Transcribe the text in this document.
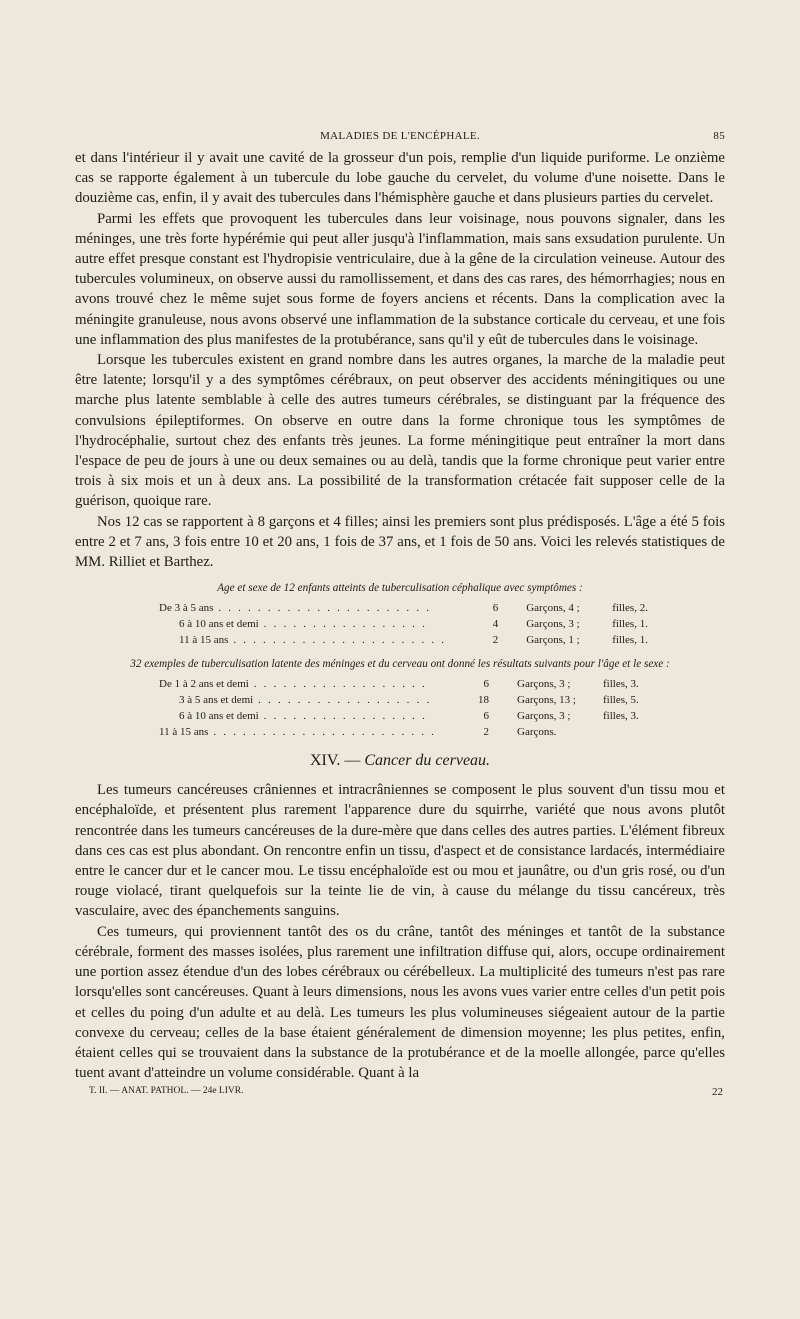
MALADIES DE L'ENCÉPHALE.	85

et dans l'intérieur il y avait une cavité de la grosseur d'un pois, remplie d'un liquide puriforme. Le onzième cas se rapporte également à un tubercule du lobe gauche du cervelet, du volume d'une noisette. Dans le douzième cas, enfin, il y avait des tubercules dans l'hémisphère gauche et dans plusieurs parties du cervelet.

Parmi les effets que provoquent les tubercules dans leur voisinage, nous pouvons signaler, dans les méninges, une très forte hypérémie qui peut aller jusqu'à l'inflammation, mais sans exsudation purulente. Un autre effet presque constant est l'hydropisie ventriculaire, due à la gêne de la circulation veineuse. Autour des tubercules volumineux, on observe aussi du ramollissement, et dans des cas rares, des hémorrhagies; nous en avons trouvé chez le même sujet sous forme de foyers anciens et récents. Dans la complication avec la méningite granuleuse, nous avons observé une inflammation de la substance corticale du cerveau, et une fois une inflammation des plus manifestes de la protubérance, sans qu'il y eût de tubercules dans le voisinage.

Lorsque les tubercules existent en grand nombre dans les autres organes, la marche de la maladie peut être latente; lorsqu'il y a des symptômes cérébraux, on peut observer des accidents méningitiques ou une marche plus latente semblable à celle des autres tumeurs cérébrales, se distinguant par la fréquence des convulsions épileptiformes. On observe en outre dans la forme chronique tous les symptômes de l'hydrocéphalie, surtout chez des enfants très jeunes. La forme méningitique peut entraîner la mort dans l'espace de peu de jours à une ou deux semaines ou au delà, tandis que la forme chronique peut varier entre trois à six mois et un à deux ans. La possibilité de la transformation crétacée fait supposer celle de la guérison, quoique rare.

Nos 12 cas se rapportent à 8 garçons et 4 filles; ainsi les premiers sont plus prédisposés. L'âge a été 5 fois entre 2 et 7 ans, 3 fois entre 10 et 20 ans, 1 fois de 37 ans, et 1 fois de 50 ans. Voici les relevés statistiques de MM. Rilliet et Barthez.

Age et sexe de 12 enfants atteints de tuberculisation céphalique avec symptômes :
De 3 à 5 ans . . . . . . . . . . . . . . . . . . . . . .	6	Garçons, 4 ;	filles, 2.
6 à 10 ans et demi . . . . . . . . . . . . . . . . .	4	Garçons, 3 ;	filles, 1.
11 à 15 ans . . . . . . . . . . . . . . . . . . . . . .	2	Garçons, 1 ;	filles, 1.
32 exemples de tuberculisation latente des méninges et du cerveau ont donné les résultats suivants pour l'âge et le sexe :
De 1 à 2 ans et demi . . . . . . . . . . . . . . . . . .	6	Garçons, 3 ;	filles, 3.
3 à 5 ans et demi . . . . . . . . . . . . . . . . . .	18	Garçons, 13 ;	filles, 5.
6 à 10 ans et demi . . . . . . . . . . . . . . . . .	6	Garçons, 3 ;	filles, 3.
11 à 15 ans . . . . . . . . . . . . . . . . . . . . . . .	2	Garçons.	
XIV. — Cancer du cerveau.

Les tumeurs cancéreuses crâniennes et intracrâniennes se composent le plus souvent d'un tissu mou et encéphaloïde, et présentent plus rarement l'apparence dure du squirrhe, variété que nous avons plutôt rencontrée dans les tumeurs cancéreuses de la dure-mère que dans celles des autres parties. L'élément fibreux dans ces cas est plus abondant. On rencontre enfin un tissu, d'aspect et de consistance lardacés, intermédiaire entre le cancer dur et le cancer mou. Le tissu encéphaloïde est ou mou et jaunâtre, ou d'un gris rosé, ou d'un rouge violacé, tirant quelquefois sur la teinte lie de vin, à cause du mélange du tissu cancéreux, très vasculaire, avec des épanchements sanguins.

Ces tumeurs, qui proviennent tantôt des os du crâne, tantôt des méninges et tantôt de la substance cérébrale, forment des masses isolées, plus rarement une infiltration diffuse qui, alors, occupe ordinairement une portion assez étendue d'un des lobes cérébraux ou cérébelleux. La multiplicité des tumeurs n'est pas rare lorsqu'elles sont cancéreuses. Quant à leurs dimensions, nous les avons vues varier entre celles d'un petit pois et celles du poing d'un adulte et au delà. Les tumeurs les plus volumineuses siégeaient autour de la partie convexe du cerveau; celles de la base étaient généralement de dimension moyenne; les plus petites, enfin, étaient celles qui se trouvaient dans la substance de la protubérance et de la moelle allongée, parce qu'elles tuent avant d'atteindre un volume considérable. Quant à la

T. II. — ANAT. PATHOL. — 24e LIVR.	22
